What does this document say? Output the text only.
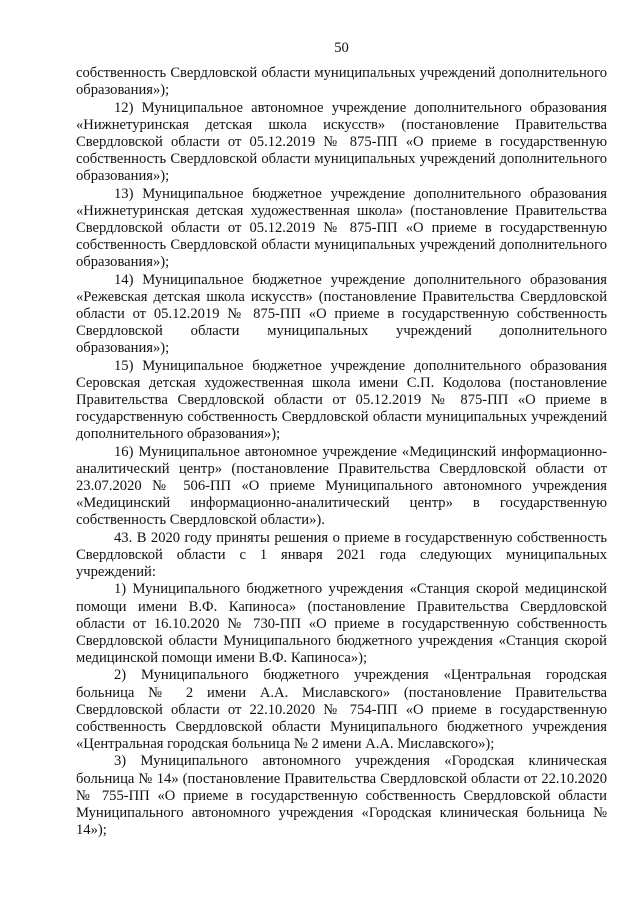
50

собственность Свердловской области муниципальных учреждений дополнительного образования»);

12) Муниципальное автономное учреждение дополнительного образования «Нижнетуринская детская школа искусств» (постановление Правительства Свердловской области от 05.12.2019 № 875-ПП «О приеме в государственную собственность Свердловской области муниципальных учреждений дополнительного образования»);

13) Муниципальное бюджетное учреждение дополнительного образования «Нижнетуринская детская художественная школа» (постановление Правительства Свердловской области от 05.12.2019 № 875-ПП «О приеме в государственную собственность Свердловской области муниципальных учреждений дополнительного образования»);

14) Муниципальное бюджетное учреждение дополнительного образования «Режевская детская школа искусств» (постановление Правительства Свердловской области от 05.12.2019 № 875-ПП «О приеме в государственную собственность Свердловской области муниципальных учреждений дополнительного образования»);

15) Муниципальное бюджетное учреждение дополнительного образования Серовская детская художественная школа имени С.П. Кодолова (постановление Правительства Свердловской области от 05.12.2019 № 875-ПП «О приеме в государственную собственность Свердловской области муниципальных учреждений дополнительного образования»);

16) Муниципальное автономное учреждение «Медицинский информационно-аналитический центр» (постановление Правительства Свердловской области от 23.07.2020 № 506-ПП «О приеме Муниципального автономного учреждения «Медицинский информационно-аналитический центр» в государственную собственность Свердловской области»).

43. В 2020 году приняты решения о приеме в государственную собственность Свердловской области с 1 января 2021 года следующих муниципальных учреждений:

1) Муниципального бюджетного учреждения «Станция скорой медицинской помощи имени В.Ф. Капиноса» (постановление Правительства Свердловской области от 16.10.2020 № 730-ПП «О приеме в государственную собственность Свердловской области Муниципального бюджетного учреждения «Станция скорой медицинской помощи имени В.Ф. Капиноса»);

2) Муниципального бюджетного учреждения «Центральная городская больница № 2 имени А.А. Миславского» (постановление Правительства Свердловской области от 22.10.2020 № 754-ПП «О приеме в государственную собственность Свердловской области Муниципального бюджетного учреждения «Центральная городская больница № 2 имени А.А. Миславского»);

3) Муниципального автономного учреждения «Городская клиническая больница № 14» (постановление Правительства Свердловской области от 22.10.2020 № 755-ПП «О приеме в государственную собственность Свердловской области Муниципального автономного учреждения «Городская клиническая больница № 14»);
